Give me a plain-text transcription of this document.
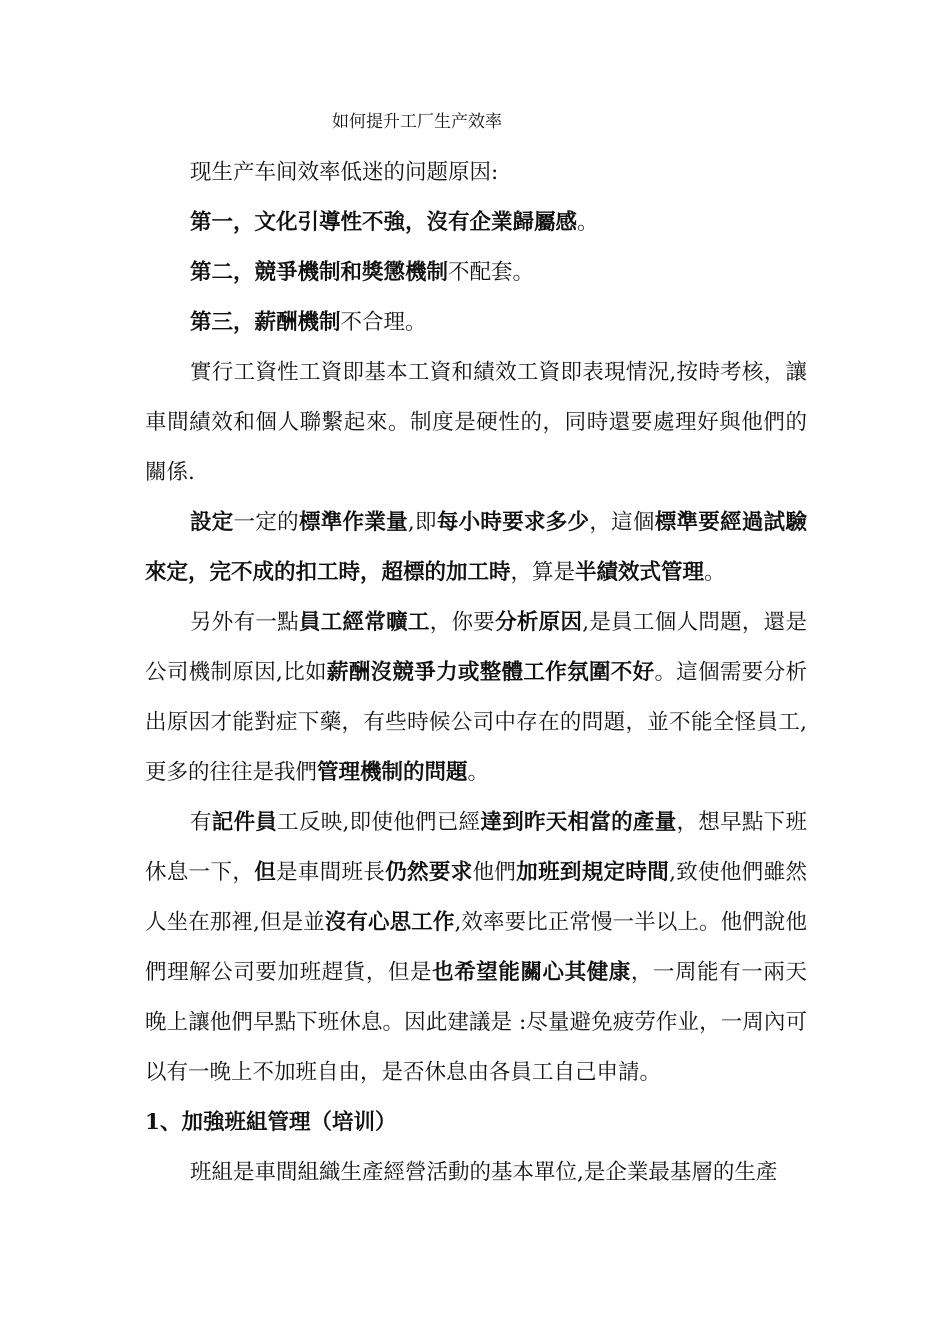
如何提升工厂生产效率

现生产车间效率低迷的问题原因:

第一，文化引導性不強，沒有企業歸屬感。

第二，競爭機制和獎懲機制不配套。

第三，薪酬機制不合理。

實行工資性工資即基本工資和績效工資即表現情況,按時考核，讓車間績效和個人聯繫起來。制度是硬性的，同時還要處理好與他們的關係.

設定一定的標準作業量,即每小時要求多少，這個標準要經過試驗來定，完不成的扣工時，超標的加工時，算是半績效式管理。

另外有一點員工經常曠工，你要分析原因,是員工個人問題，還是公司機制原因,比如薪酬沒競爭力或整體工作氛圍不好。這個需要分析出原因才能對症下藥，有些時候公司中存在的問題，並不能全怪員工,更多的往往是我們管理機制的問題。

有記件員工反映,即使他們已經達到昨天相當的產量，想早點下班休息一下，但是車間班長仍然要求他們加班到規定時間,致使他們雖然人坐在那裡,但是並沒有心思工作,效率要比正常慢一半以上。他們說他們理解公司要加班趕貨，但是也希望能關心其健康，一周能有一兩天晚上讓他們早點下班休息。因此建議是 :尽量避免疲劳作业，一周內可以有一晚上不加班自由，是否休息由各員工自己申請。

1、加強班組管理（培训）

班組是車間組織生產經營活動的基本單位,是企業最基層的生產
